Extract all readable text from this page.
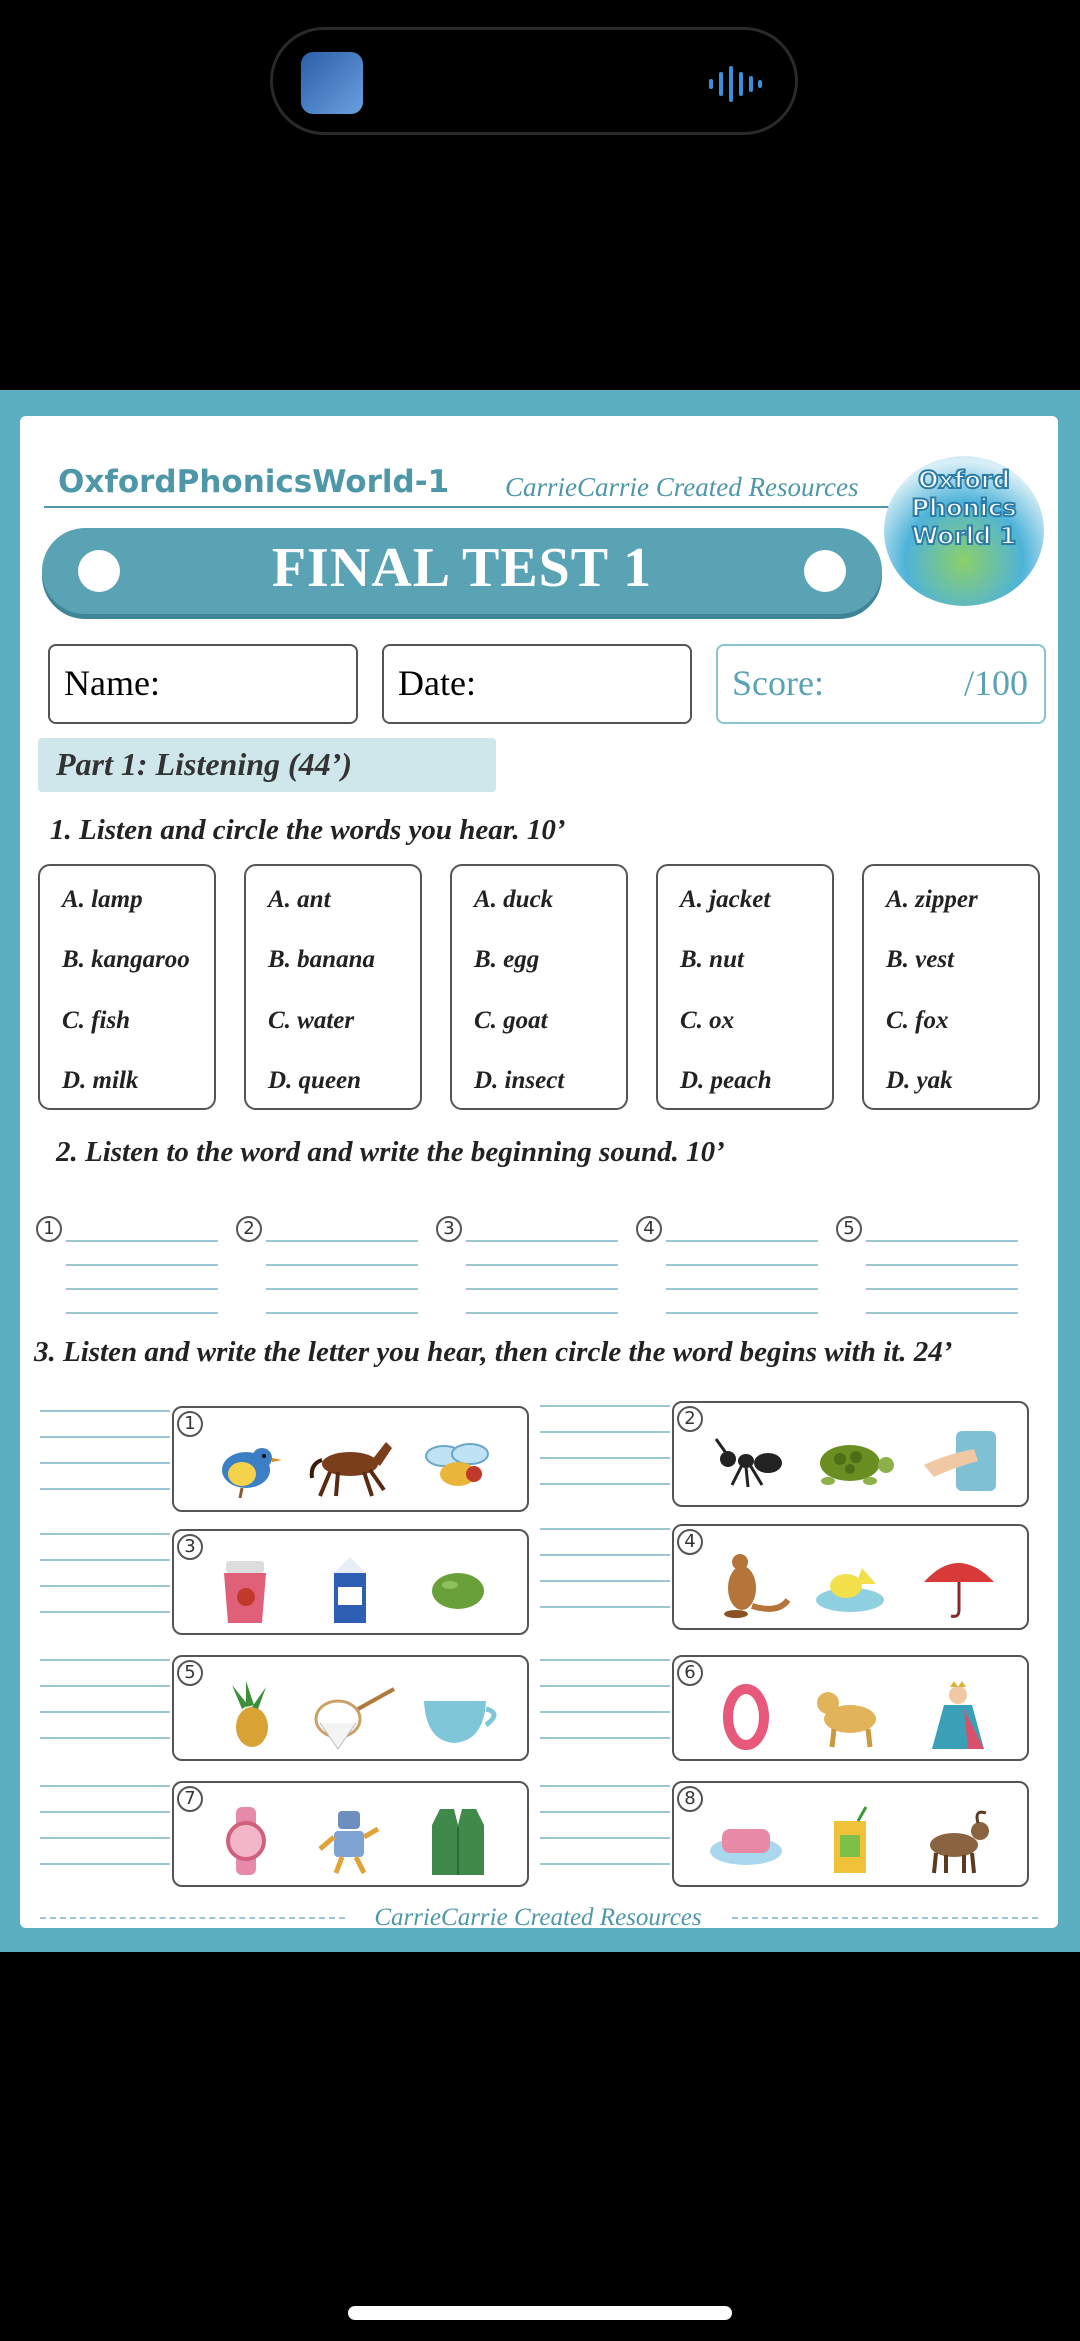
OxfordPhonicsWorld-1 CarrieCarrie Created Resources	Oxford
Phonics
World 1
FINAL TEST 1
Name:	Date:	Score:	/100
Part 1: Listening (44’)
1. Listen and circle the words you hear. 10’
A. lamp
B. kangaroo
C. fish
D. milk
A. ant
B. banana
C. water
D. queen
A. duck
B. egg
C. goat
D. insect
A. jacket
B. nut
C. ox
D. peach
A. zipper
B. vest
C. fox
D. yak
2. Listen to the word and write the beginning sound. 10’
1	2	3	4	5
3. Listen and write the letter you hear, then circle the word begins with it. 24’
1	2
3	4
5	6
7	8
CarrieCarrie Created Resources
